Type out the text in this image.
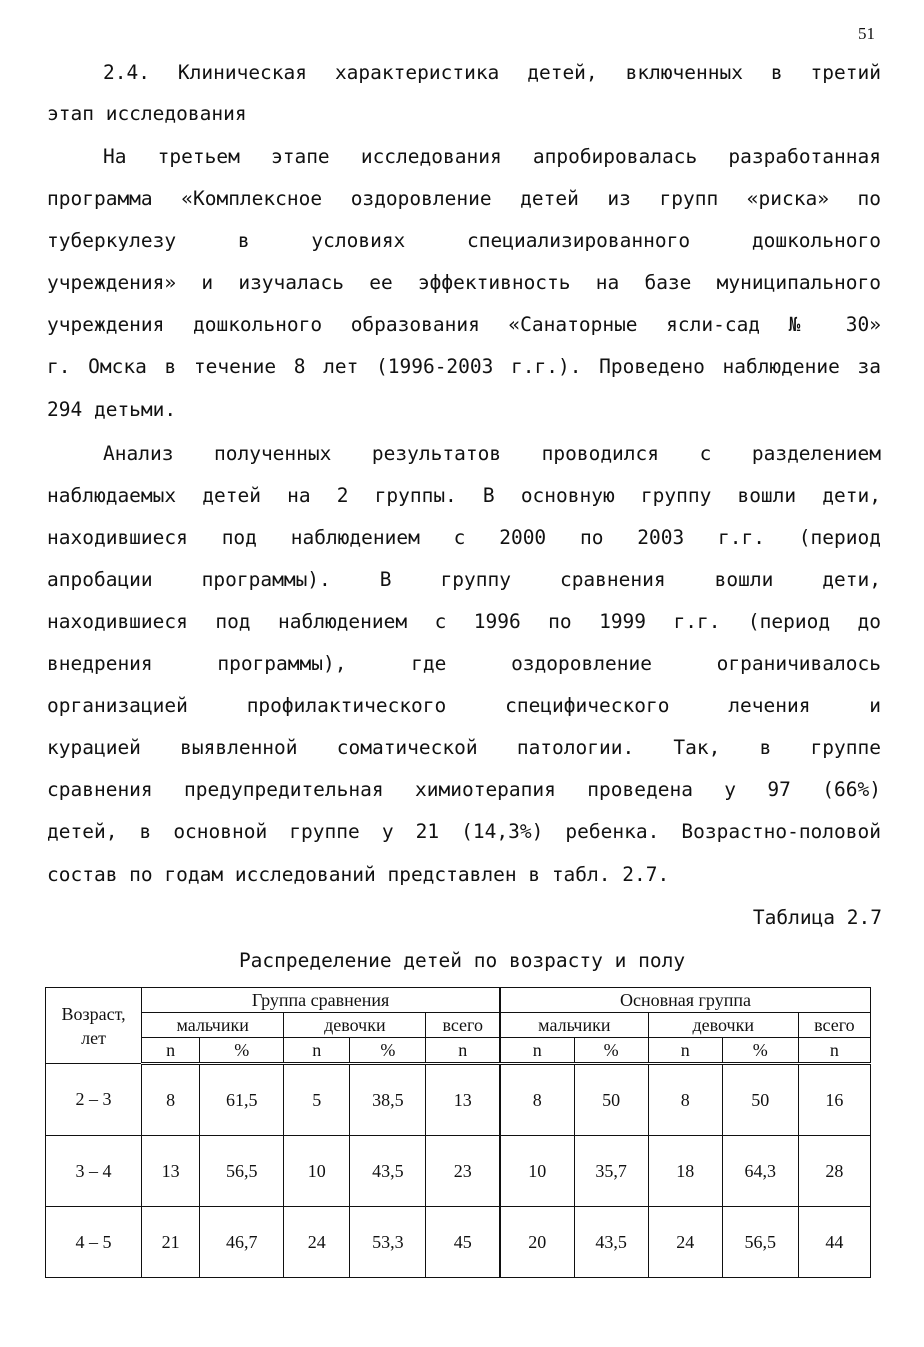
51
2.4. Клиническая характеристика детей, включенных в третий
этап исследования
На третьем этапе исследования апробировалась разработанная
программа «Комплексное оздоровление детей из групп «риска» по
туберкулезу в условиях специализированного дошкольного
учреждения» и изучалась ее эффективность на базе муниципального
учреждения дошкольного образования «Санаторные ясли-сад № 30»
г. Омска в течение 8 лет (1996-2003 г.г.). Проведено наблюдение за
294 детьми.
Анализ полученных результатов проводился с разделением
наблюдаемых детей на 2 группы. В основную группу вошли дети,
находившиеся под наблюдением с 2000 по 2003 г.г. (период
апробации программы). В группу сравнения вошли дети,
находившиеся под наблюдением с 1996 по 1999 г.г. (период до
внедрения программы), где оздоровление ограничивалось
организацией профилактического специфического лечения и
курацией выявленной соматической патологии. Так, в группе
сравнения предупредительная химиотерапия проведена у 97 (66%)
детей, в основной группе у 21 (14,3%) ребенка. Возрастно-половой
состав по годам исследований представлен в табл. 2.7.
Таблица 2.7
Распределение детей по возрасту и полу
Возраст, лет	Группа сравнения					Основная группа				
	мальчики		девочки		всего	мальчики		девочки		всего
	n	%	n	%	n	n	%	n	%	n
2 – 3	8	61,5	5	38,5	13	8	50	8	50	16
3 – 4	13	56,5	10	43,5	23	10	35,7	18	64,3	28
4 – 5	21	46,7	24	53,3	45	20	43,5	24	56,5	44
